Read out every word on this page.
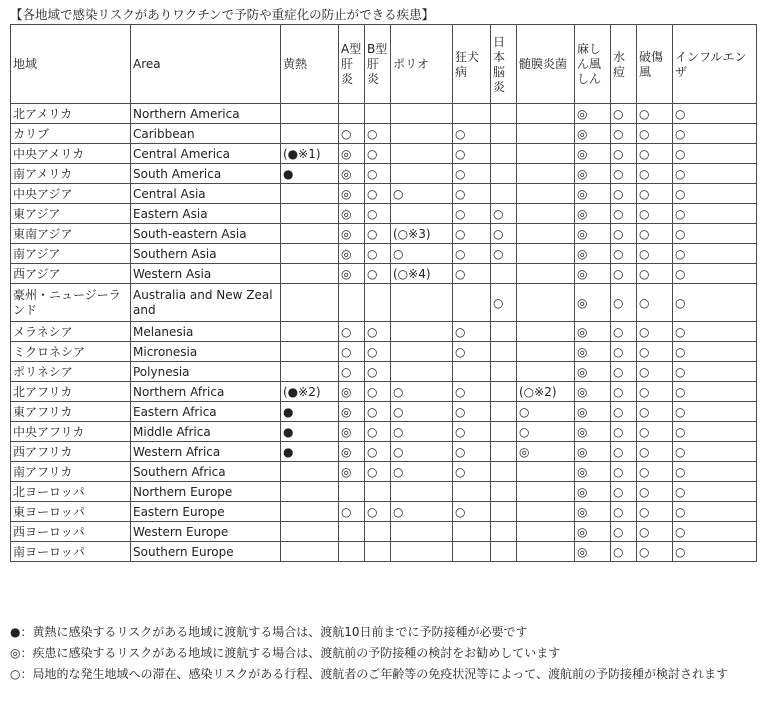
【各地域で感染リスクがありワクチンで予防や重症化の防止ができる疾患】
地域	Area	黄熱	A型肝炎	B型肝炎	ポリオ	狂犬病	日本脳炎	髄膜炎菌	麻しん風しん	水痘	破傷風	インフルエンザ
北アメリカ	Northern America								◎	○	○	○
カリブ	Caribbean		○	○		○			◎	○	○	○
中央アメリカ	Central America	(●※1)	◎	○		○			◎	○	○	○
南アメリカ	South America	●	◎	○		○			◎	○	○	○
中央アジア	Central Asia		◎	○	○	○			◎	○	○	○
東アジア	Eastern Asia		◎	○		○	○		◎	○	○	○
東南アジア	South-eastern Asia		◎	○	(○※3)	○	○		◎	○	○	○
南アジア	Southern Asia		◎	○	○	○	○		◎	○	○	○
西アジア	Western Asia		◎	○	(○※4)	○			◎	○	○	○
豪州・ニュージーランド	Australia and New Zealand						○		◎	○	○	○
メラネシア	Melanesia		○	○		○			◎	○	○	○
ミクロネシア	Micronesia		○	○		○			◎	○	○	○
ポリネシア	Polynesia		○	○					◎	○	○	○
北アフリカ	Northern Africa	(●※2)	◎	○	○	○		(○※2)	◎	○	○	○
東アフリカ	Eastern Africa	●	◎	○	○	○		○	◎	○	○	○
中央アフリカ	Middle Africa	●	◎	○	○	○		○	◎	○	○	○
西アフリカ	Western Africa	●	◎	○	○	○		◎	◎	○	○	○
南アフリカ	Southern Africa		◎	○	○	○			◎	○	○	○
北ヨーロッパ	Northern Europe								◎	○	○	○
東ヨーロッパ	Eastern Europe		○	○	○	○			◎	○	○	○
西ヨーロッパ	Western Europe								◎	○	○	○
南ヨーロッパ	Southern Europe								◎	○	○	○

●：黄熱に感染するリスクがある地域に渡航する場合は、渡航10日前までに予防接種が必要です

◎：疾患に感染するリスクがある地域に渡航する場合は、渡航前の予防接種の検討をお勧めしています

○：局地的な発生地域への滞在、感染リスクがある行程、渡航者のご年齢等の免疫状況等によって、渡航前の予防接種が検討されます
